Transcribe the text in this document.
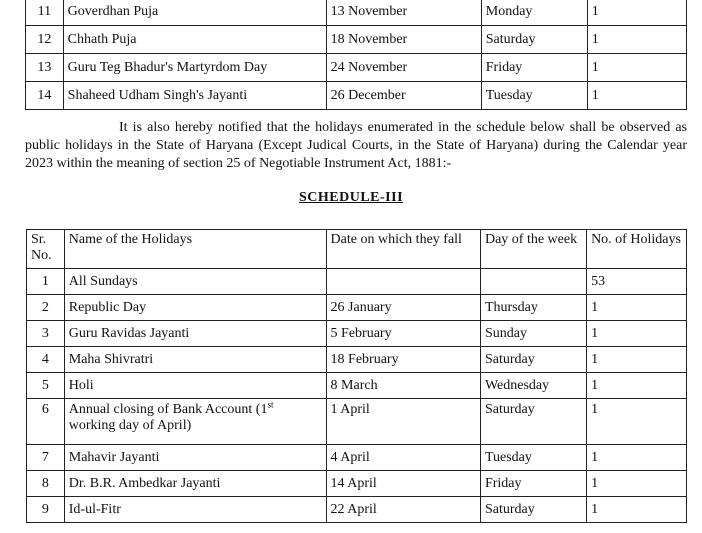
11	Goverdhan Puja	13 November	Monday	1
12	Chhath Puja	18 November	Saturday	1
13	Guru Teg Bhadur's Martyrdom Day	24 November	Friday	1
14	Shaheed Udham Singh's Jayanti	26 December	Tuesday	1

It is also hereby notified that the holidays enumerated in the schedule below shall be observed as public holidays in the State of Haryana (Except Judical Courts, in the State of Haryana) during the Calendar year 2023 within the meaning of section 25 of Negotiable Instrument Act, 1881:-

SCHEDULE-III
Sr. No.	Name of the Holidays	Date on which they fall	Day of the week	No. of Holidays
1	All Sundays			53
2	Republic Day	26 January	Thursday	1
3	Guru Ravidas Jayanti	5 February	Sunday	1
4	Maha Shivratri	18 February	Saturday	1
5	Holi	8 March	Wednesday	1
6	Annual closing of Bank Account (1st
working day of April)	1 April	Saturday	1
7	Mahavir Jayanti	4 April	Tuesday	1
8	Dr. B.R. Ambedkar Jayanti	14 April	Friday	1
9	Id-ul-Fitr	22 April	Saturday	1
